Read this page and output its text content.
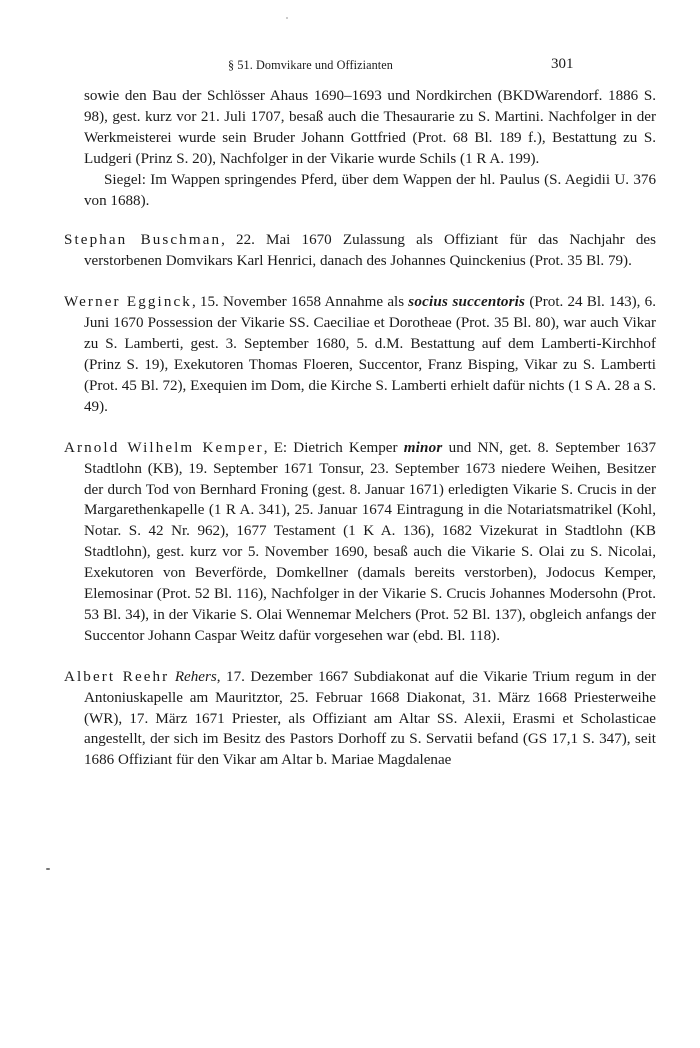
§ 51. Domvikare und Offizianten	301

sowie den Bau der Schlösser Ahaus 1690–1693 und Nordkirchen (BKDWarendorf. 1886 S. 98), gest. kurz vor 21. Juli 1707, besaß auch die Thesaurarie zu S. Martini. Nachfolger in der Werkmeisterei wurde sein Bruder Johann Gottfried (Prot. 68 Bl. 189 f.), Bestattung zu S. Ludgeri (Prinz S. 20), Nachfolger in der Vikarie wurde Schils (1 R A. 199).

Siegel: Im Wappen springendes Pferd, über dem Wappen der hl. Paulus (S. Aegidii U. 376 von 1688).

Stephan Buschman, 22. Mai 1670 Zulassung als Offiziant für das Nachjahr des verstorbenen Domvikars Karl Henrici, danach des Johannes Quinckenius (Prot. 35 Bl. 79).

Werner Egginck, 15. November 1658 Annahme als socius succentoris (Prot. 24 Bl. 143), 6. Juni 1670 Possession der Vikarie SS. Caeciliae et Dorotheae (Prot. 35 Bl. 80), war auch Vikar zu S. Lamberti, gest. 3. September 1680, 5. d.M. Bestattung auf dem Lamberti-Kirchhof (Prinz S. 19), Exekutoren Thomas Floeren, Succentor, Franz Bisping, Vikar zu S. Lamberti (Prot. 45 Bl. 72), Exequien im Dom, die Kirche S. Lamberti erhielt dafür nichts (1 S A. 28 a S. 49).

Arnold Wilhelm Kemper, E: Dietrich Kemper minor und NN, get. 8. September 1637 Stadtlohn (KB), 19. September 1671 Tonsur, 23. September 1673 niedere Weihen, Besitzer der durch Tod von Bernhard Froning (gest. 8. Januar 1671) erledigten Vikarie S. Crucis in der Margarethenkapelle (1 R A. 341), 25. Januar 1674 Eintragung in die Notariatsmatrikel (Kohl, Notar. S. 42 Nr. 962), 1677 Testament (1 K A. 136), 1682 Vizekurat in Stadtlohn (KB Stadtlohn), gest. kurz vor 5. November 1690, besaß auch die Vikarie S. Olai zu S. Nicolai, Exekutoren von Beverförde, Domkellner (damals bereits verstorben), Jodocus Kemper, Elemosinar (Prot. 52 Bl. 116), Nachfolger in der Vikarie S. Crucis Johannes Modersohn (Prot. 53 Bl. 34), in der Vikarie S. Olai Wennemar Melchers (Prot. 52 Bl. 137), obgleich anfangs der Succentor Johann Caspar Weitz dafür vorgesehen war (ebd. Bl. 118).

Albert Reehr Rehers, 17. Dezember 1667 Subdiakonat auf die Vikarie Trium regum in der Antoniuskapelle am Mauritztor, 25. Februar 1668 Diakonat, 31. März 1668 Priesterweihe (WR), 17. März 1671 Priester, als Offiziant am Altar SS. Alexii, Erasmi et Scholasticae angestellt, der sich im Besitz des Pastors Dorhoff zu S. Servatii befand (GS 17,1 S. 347), seit 1686 Offiziant für den Vikar am Altar b. Mariae Magdalenae
